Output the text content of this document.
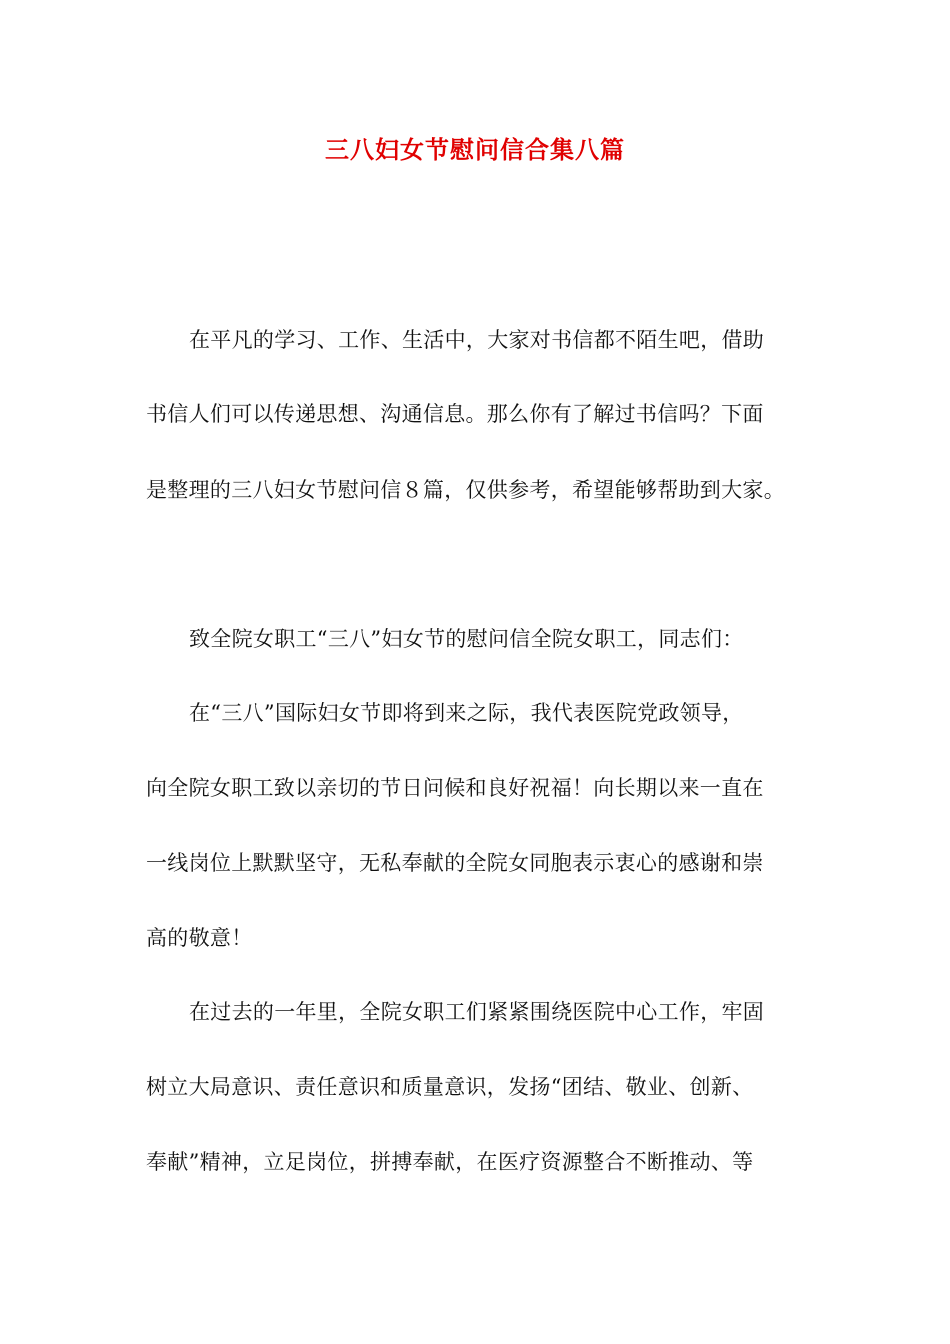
三八妇女节慰问信合集八篇
在平凡的学习、工作、生活中，大家对书信都不陌生吧，借助
书信人们可以传递思想、沟通信息。那么你有了解过书信吗？下面
是整理的三八妇女节慰问信８篇，仅供参考，希望能够帮助到大家。
致全院女职工“三八”妇女节的慰问信全院女职工，同志们：
在“三八”国际妇女节即将到来之际，我代表医院党政领导，
向全院女职工致以亲切的节日问候和良好祝福！向长期以来一直在
一线岗位上默默坚守，无私奉献的全院女同胞表示衷心的感谢和崇
高的敬意！
在过去的一年里，全院女职工们紧紧围绕医院中心工作，牢固
树立大局意识、责任意识和质量意识，发扬“团结、敬业、创新、
奉献”精神，立足岗位，拼搏奉献，在医疗资源整合不断推动、等
